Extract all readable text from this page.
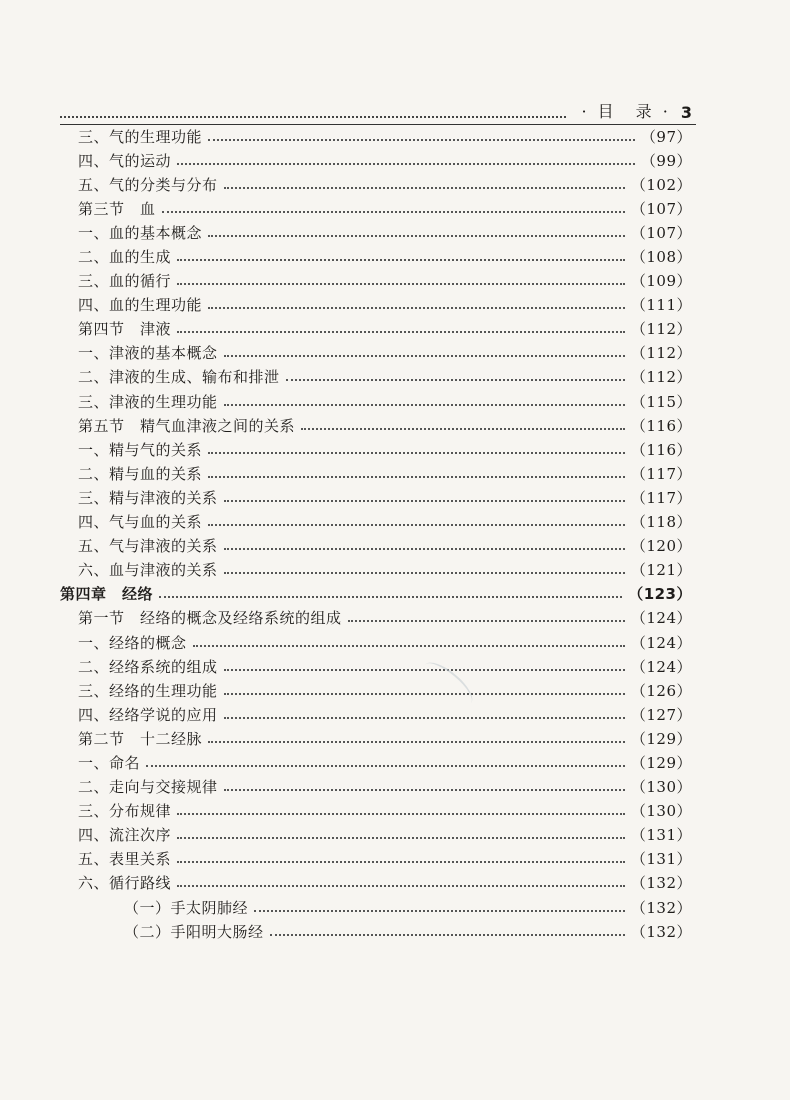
· 目　录 · 3
三、气的生理功能	（97）
四、气的运动	（99）
五、气的分类与分布	（102）
第三节　血	（107）
一、血的基本概念	（107）
二、血的生成	（108）
三、血的循行	（109）
四、血的生理功能	（111）
第四节　津液	（112）
一、津液的基本概念	（112）
二、津液的生成、输布和排泄	（112）
三、津液的生理功能	（115）
第五节　精气血津液之间的关系	（116）
一、精与气的关系	（116）
二、精与血的关系	（117）
三、精与津液的关系	（117）
四、气与血的关系	（118）
五、气与津液的关系	（120）
六、血与津液的关系	（121）
第四章　经络	（123）
第一节　经络的概念及经络系统的组成	（124）
一、经络的概念	（124）
二、经络系统的组成	（124）
三、经络的生理功能	（126）
四、经络学说的应用	（127）
第二节　十二经脉	（129）
一、命名	（129）
二、走向与交接规律	（130）
三、分布规律	（130）
四、流注次序	（131）
五、表里关系	（131）
六、循行路线	（132）
（一）手太阴肺经	（132）
（二）手阳明大肠经	（132）
